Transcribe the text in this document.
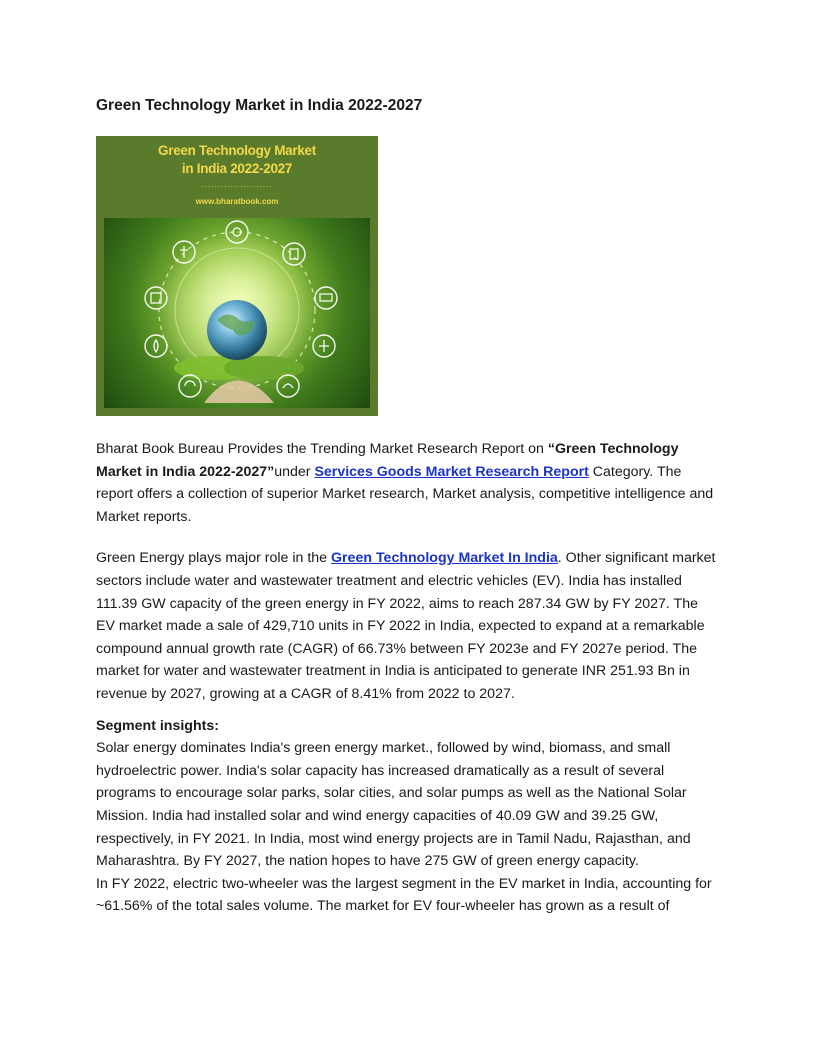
Green Technology Market in India 2022-2027
Green Technology Market
in India 2022-2027
......................
www.bharatbook.com

Bharat Book Bureau Provides the Trending Market Research Report on “Green Technology Market in India 2022-2027”under Services Goods Market Research Report Category. The report offers a collection of superior Market research, Market analysis, competitive intelligence and Market reports.

Green Energy plays major role in the Green Technology Market In India. Other significant market sectors include water and wastewater treatment and electric vehicles (EV). India has installed 111.39 GW capacity of the green energy in FY 2022, aims to reach 287.34 GW by FY 2027. The EV market made a sale of 429,710 units in FY 2022 in India, expected to expand at a remarkable compound annual growth rate (CAGR) of 66.73% between FY 2023e and FY 2027e period. The market for water and wastewater treatment in India is anticipated to generate INR 251.93 Bn in revenue by 2027, growing at a CAGR of 8.41% from 2022 to 2027.

Segment insights:

Solar energy dominates India's green energy market., followed by wind, biomass, and small hydroelectric power. India's solar capacity has increased dramatically as a result of several programs to encourage solar parks, solar cities, and solar pumps as well as the National Solar Mission. India had installed solar and wind energy capacities of 40.09 GW and 39.25 GW, respectively, in FY 2021. In India, most wind energy projects are in Tamil Nadu, Rajasthan, and Maharashtra. By FY 2027, the nation hopes to have 275 GW of green energy capacity.

In FY 2022, electric two-wheeler was the largest segment in the EV market in India, accounting for ~61.56% of the total sales volume. The market for EV four-wheeler has grown as a result of
